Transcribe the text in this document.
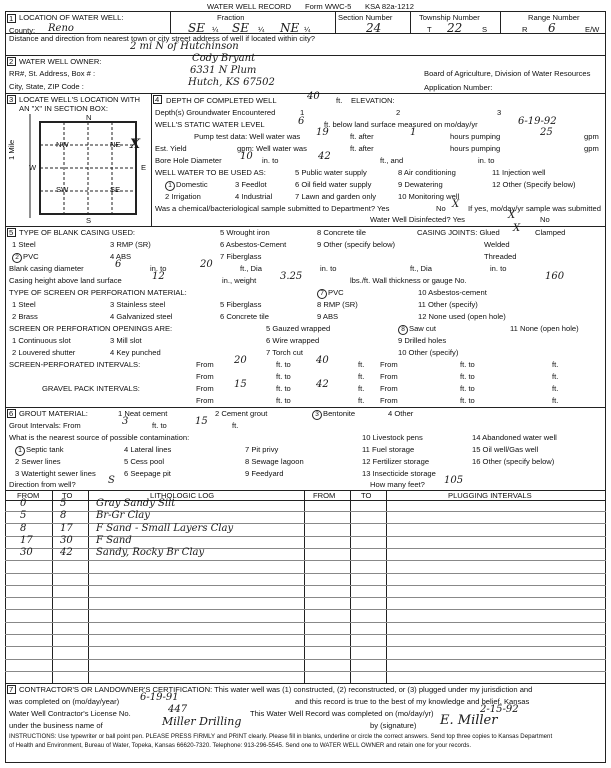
WATER WELL RECORD Form WWC-5 KSA 82a-1212
1 LOCATION OF WATER WELL:
County: Reno
Fraction
SE ¼ SE ¼ NE ¼
Section Number
24
Township Number
T 22	S
Range Number
R 6	E/W
Distance and direction from nearest town or city street address of well if located within city?
2 mi N of Hutchinson
2 WATER WELL OWNER:	Cody Bryant
RR#, St. Address, Box # :	6331 N Plum
City, State, ZIP Code :	Hutch, KS 67502
Board of Agriculture, Division of Water Resources
Application Number:
3 LOCATE WELL'S LOCATION WITH
AN "X" IN SECTION BOX:
N
S
W	E
NW	NE
SW	SE
X
1 Mile
4 DEPTH OF COMPLETED WELL	40 ft. ELEVATION:
Depth(s) Groundwater Encountered	1	2	3
WELL'S STATIC WATER LEVEL	6	ft. below land surface measured on mo/day/yr	6-19-92
Pump test data: Well water was 19	ft. after	1	hours pumping	25	gpm
Est. Yield	gpm: Well water was	ft. after	hours pumping	gpm
Bore Hole Diameter 10 in. to	42	ft., and	in. to
WELL WATER TO BE USED AS:
1 Domestic	3 Feedlot
5 Public water supply
6 Oil field water supply
7 Lawn and garden only
8 Air conditioning
9 Dewatering
10 Monitoring well
11 Injection well
12 Other (Specify below)
2 Irrigation	4 Industrial
Was a chemical/bacteriological sample submitted to Department? Yes	No X If yes, mo/day/yr sample was submitted
Water Well Disinfected? Yes	X	No
5 TYPE OF BLANK CASING USED:
1 Steel
2 PVC
3 RMP (SR)
4 ABS
5 Wrought iron
6 Asbestos-Cement
7 Fiberglass
8 Concrete tile
9 Other (specify below)
CASING JOINTS: Glued X Clamped
Welded
Threaded
Blank casing diameter	6	in. to	20	ft., Dia	in. to	ft., Dia	in. to
Casing height above land surface	12	in., weight 3.25	lbs./ft. Wall thickness or gauge No.	160
TYPE OF SCREEN OR PERFORATION MATERIAL:
1 Steel
2 Brass
3 Stainless steel
4 Galvanized steel
5 Fiberglass
6 Concrete tile
7 PVC
8 RMP (SR)
9 ABS
10 Asbestos-cement
11 Other (specify)
12 None used (open hole)
SCREEN OR PERFORATION OPENINGS ARE:
1 Continuous slot
2 Louvered shutter
3 Mill slot
4 Key punched
5 Gauzed wrapped
6 Wire wrapped
7 Torch cut
8 Saw cut
9 Drilled holes
10 Other (specify)
11 None (open hole)
SCREEN-PERFORATED INTERVALS:	From 20	ft. to	40	ft. From	ft. to	ft.
From	ft. to	ft. From	ft. to	ft.
GRAVEL PACK INTERVALS:	From 15	ft. to	42	ft. From	ft. to	ft.
From	ft. to	ft. From	ft. to	ft.
6 GROUT MATERIAL:	1 Neat cement	2 Cement grout	3 Bentonite	4 Other
Grout Intervals: From	3	ft. to	15	ft.
What is the nearest source of possible contamination:
1 Septic tank
2 Sewer lines
3 Watertight sewer lines
4 Lateral lines
5 Cess pool
6 Seepage pit
7 Pit privy
8 Sewage lagoon
9 Feedyard
10 Livestock pens
11 Fuel storage
12 Fertilizer storage
13 Insecticide storage
14 Abandoned water well
15 Oil well/Gas well
16 Other (specify below)
Direction from well?	S	How many feet? 105
FROM	TO	LITHOLOGIC LOG	FROM	TO	PLUGGING INTERVALS
0	5	Gray Sandy Silt
5	8	Br-Gr Clay
8	17 F Sand - Small Layers Clay
17	30 F Sand
30	42 Sandy, Rocky Br Clay
7 CONTRACTOR'S OR LANDOWNER'S CERTIFICATION: This water well was (1) constructed, (2) reconstructed, or (3) plugged under my jurisdiction and
was completed on (mo/day/year) 6-19-91	and this record is true to the best of my knowledge and belief. Kansas
Water Well Contractor's License No.	447	This Water Well Record was completed on (mo/day/yr)	2-15-92
under the business name of	Miller Drilling	by (signature) E. Miller
INSTRUCTIONS: Use typewriter or ball point pen. PLEASE PRESS FIRMLY and PRINT clearly. Please fill in blanks, underline or circle the correct answers. Send top three copies to Kansas Department
of Health and Environment, Bureau of Water, Topeka, Kansas 66620-7320. Telephone: 913-296-5545. Send one to WATER WELL OWNER and retain one for your records.
